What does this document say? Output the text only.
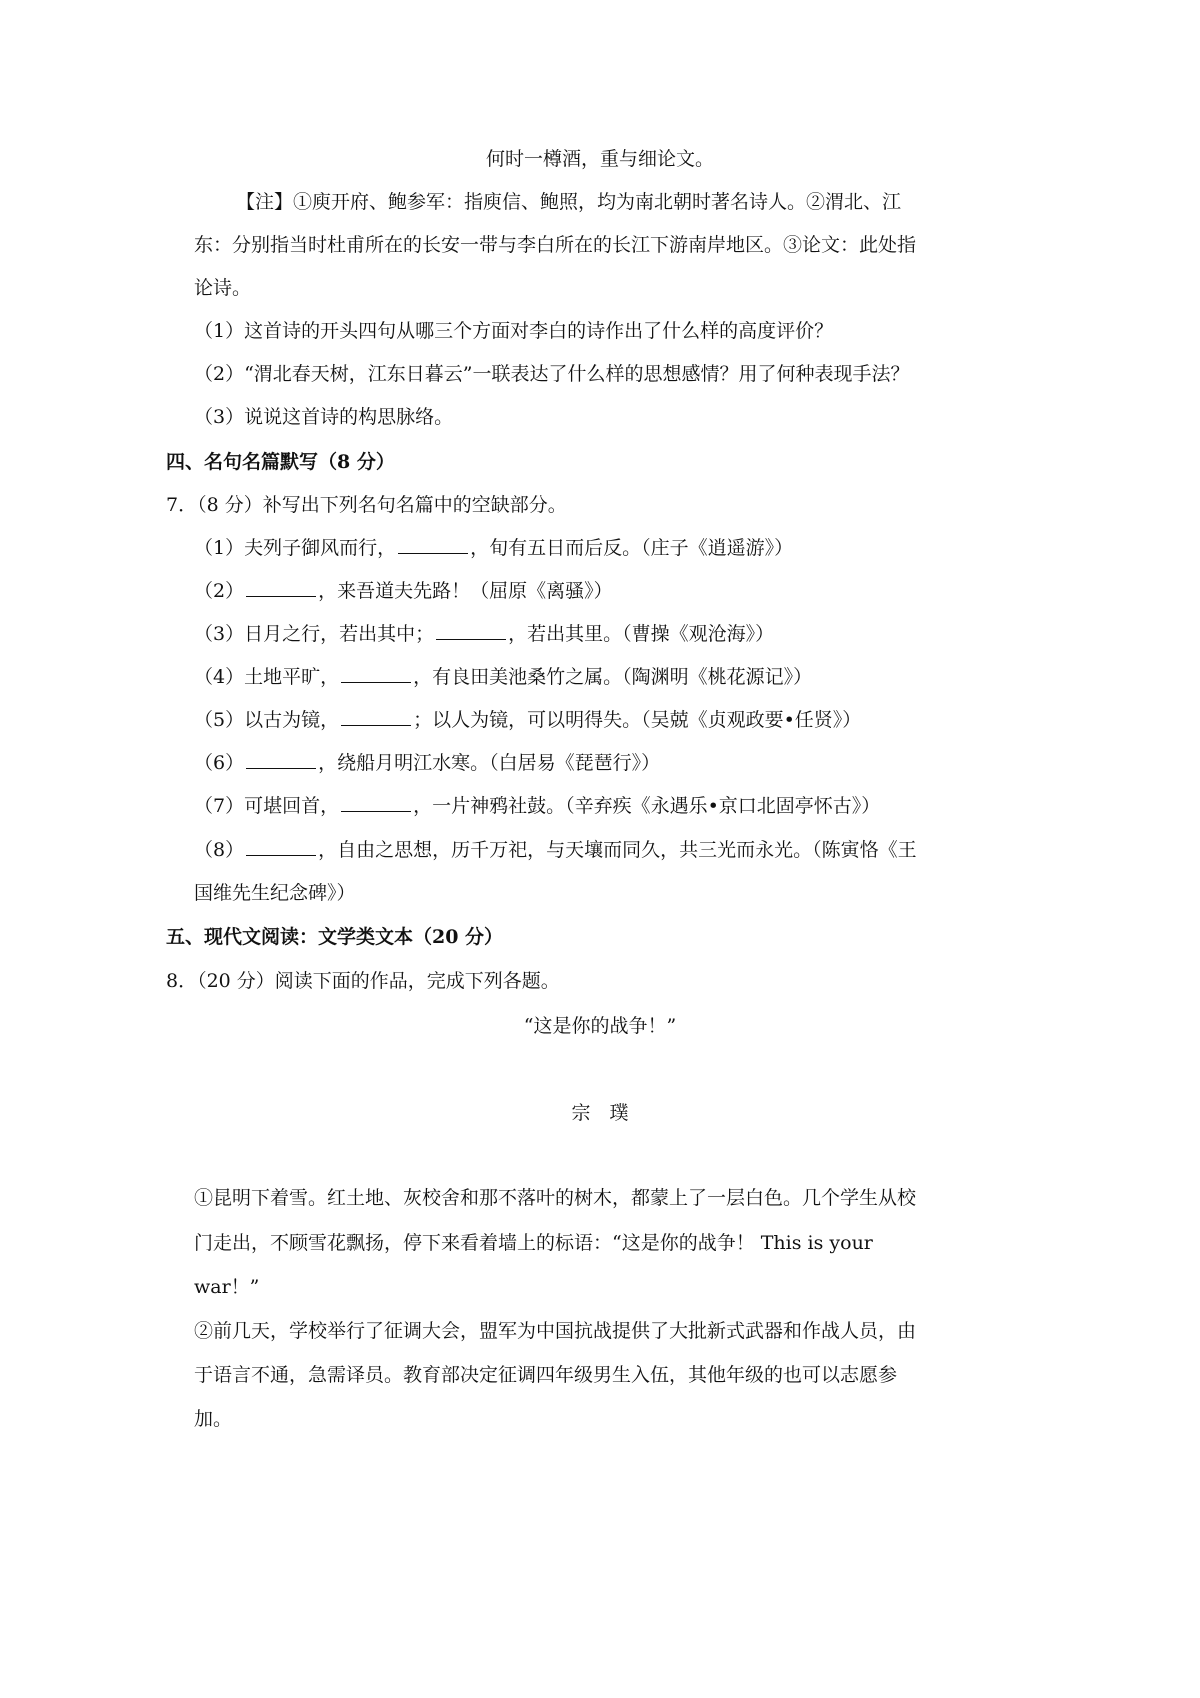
何时一樽酒，重与细论文。
【注】①庾开府、鲍参军：指庾信、鲍照，均为南北朝时著名诗人。②渭北、江
东：分别指当时杜甫所在的长安一带与李白所在的长江下游南岸地区。③论文：此处指
论诗。
（1）这首诗的开头四句从哪三个方面对李白的诗作出了什么样的高度评价？
（2）“渭北春天树，江东日暮云”一联表达了什么样的思想感情？用了何种表现手法？
（3）说说这首诗的构思脉络。
四、名句名篇默写（8 分）
7．（8 分）补写出下列名句名篇中的空缺部分。
（1）夫列子御风而行，	，旬有五日而后反。（庄子《逍遥游》）
（2）	，来吾道夫先路！（屈原《离骚》）
（3）日月之行，若出其中；	，若出其里。（曹操《观沧海》）
（4）土地平旷，	，有良田美池桑竹之属。（陶渊明《桃花源记》）
（5）以古为镜，	；以人为镜，可以明得失。（吴兢《贞观政要•任贤》）
（6）	，绕船月明江水寒。（白居易《琵琶行》）
（7）可堪回首，	，一片神鸦社鼓。（辛弃疾《永遇乐•京口北固亭怀古》）
（8）	，自由之思想，历千万祀，与天壤而同久，共三光而永光。（陈寅恪《王
国维先生纪念碑》）
五、现代文阅读：文学类文本（20 分）
8．（20 分）阅读下面的作品，完成下列各题。
“这是你的战争！”
宗　璞
①昆明下着雪。红土地、灰校舍和那不落叶的树木，都蒙上了一层白色。几个学生从校
门走出，不顾雪花飘扬，停下来看着墙上的标语：“这是你的战争！ This is your
war！”
②前几天，学校举行了征调大会，盟军为中国抗战提供了大批新式武器和作战人员，由
于语言不通，急需译员。教育部决定征调四年级男生入伍，其他年级的也可以志愿参
加。
